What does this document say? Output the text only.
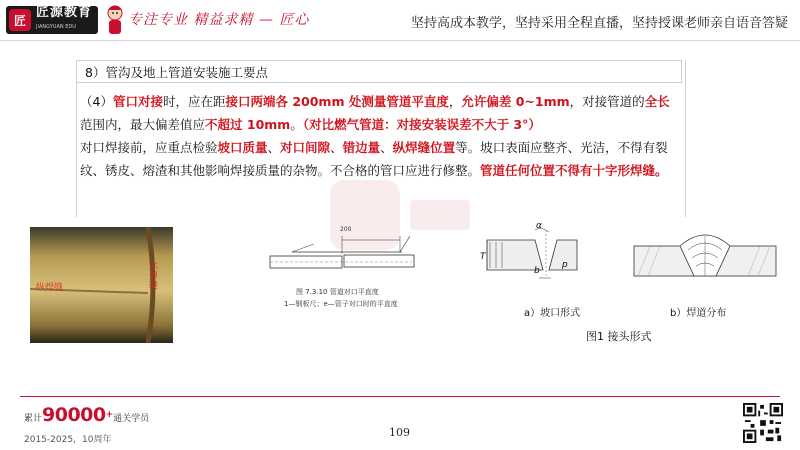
匠
匠源教育
JIANGYUAN EDU	专注专业 精益求精 — 匠心	坚持高成本教学，坚持采用全程直播，坚持授课老师亲自语音答疑
8）管沟及地上管道安装施工要点
（4）管口对接时，应在距接口两端各 200mm 处测量管道平直度，允许偏差 0~1mm，对接管道的全长范围内，最大偏差值应不超过 10mm。（对比燃气管道：对接安装误差不大于 3°）
对口焊接前，应重点检验坡口质量、对口间隙、错边量、纵焊缝位置等。坡口表面应整齐、光洁，不得有裂纹、锈皮、熔渣和其他影响焊接质量的杂物。不合格的管口应进行修整。管道任何位置不得有十字形焊缝。
纵焊缝	环焊缝
200
图 7.3.10 管道对口平直度
1—钢板尺；e—管子对口时的平直度
α
T
b
p
a）坡口形式	b）焊道分布
图1 接头形式
累计90000+通关学员
2015-2025，10周年
109
